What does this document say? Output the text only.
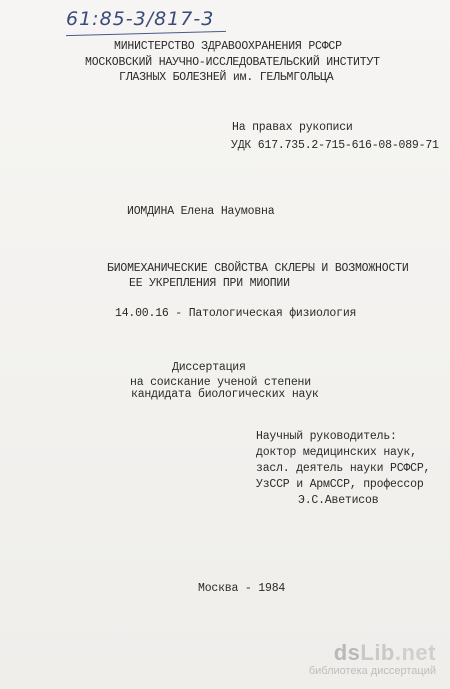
61:85-3/817-3
МИНИСТЕРСТВО ЗДРАВООХРАНЕНИЯ РСФСР
МОСКОВСКИЙ НАУЧНО-ИССЛЕДОВАТЕЛЬСКИЙ ИНСТИТУТ
ГЛАЗНЫХ БОЛЕЗНЕЙ им. ГЕЛЬМГОЛЬЦА
На правах рукописи
УДК 617.735.2-715-616-08-089-71
ИОМДИНА Елена Наумовна
БИОМЕХАНИЧЕСКИЕ СВОЙСТВА СКЛЕРЫ И ВОЗМОЖНОСТИ
ЕЕ УКРЕПЛЕНИЯ ПРИ МИОПИИ
14.00.16 - Патологическая физиология
Диссертация
на соискание ученой степени
кандидата биологических наук
Научный руководитель:
доктор медицинских наук,
засл. деятель науки РСФСР,
УзССР и АрмССР, профессор
Э.С.Аветисов
Москва - 1984
dsLib.net
библиотека диссертаций
